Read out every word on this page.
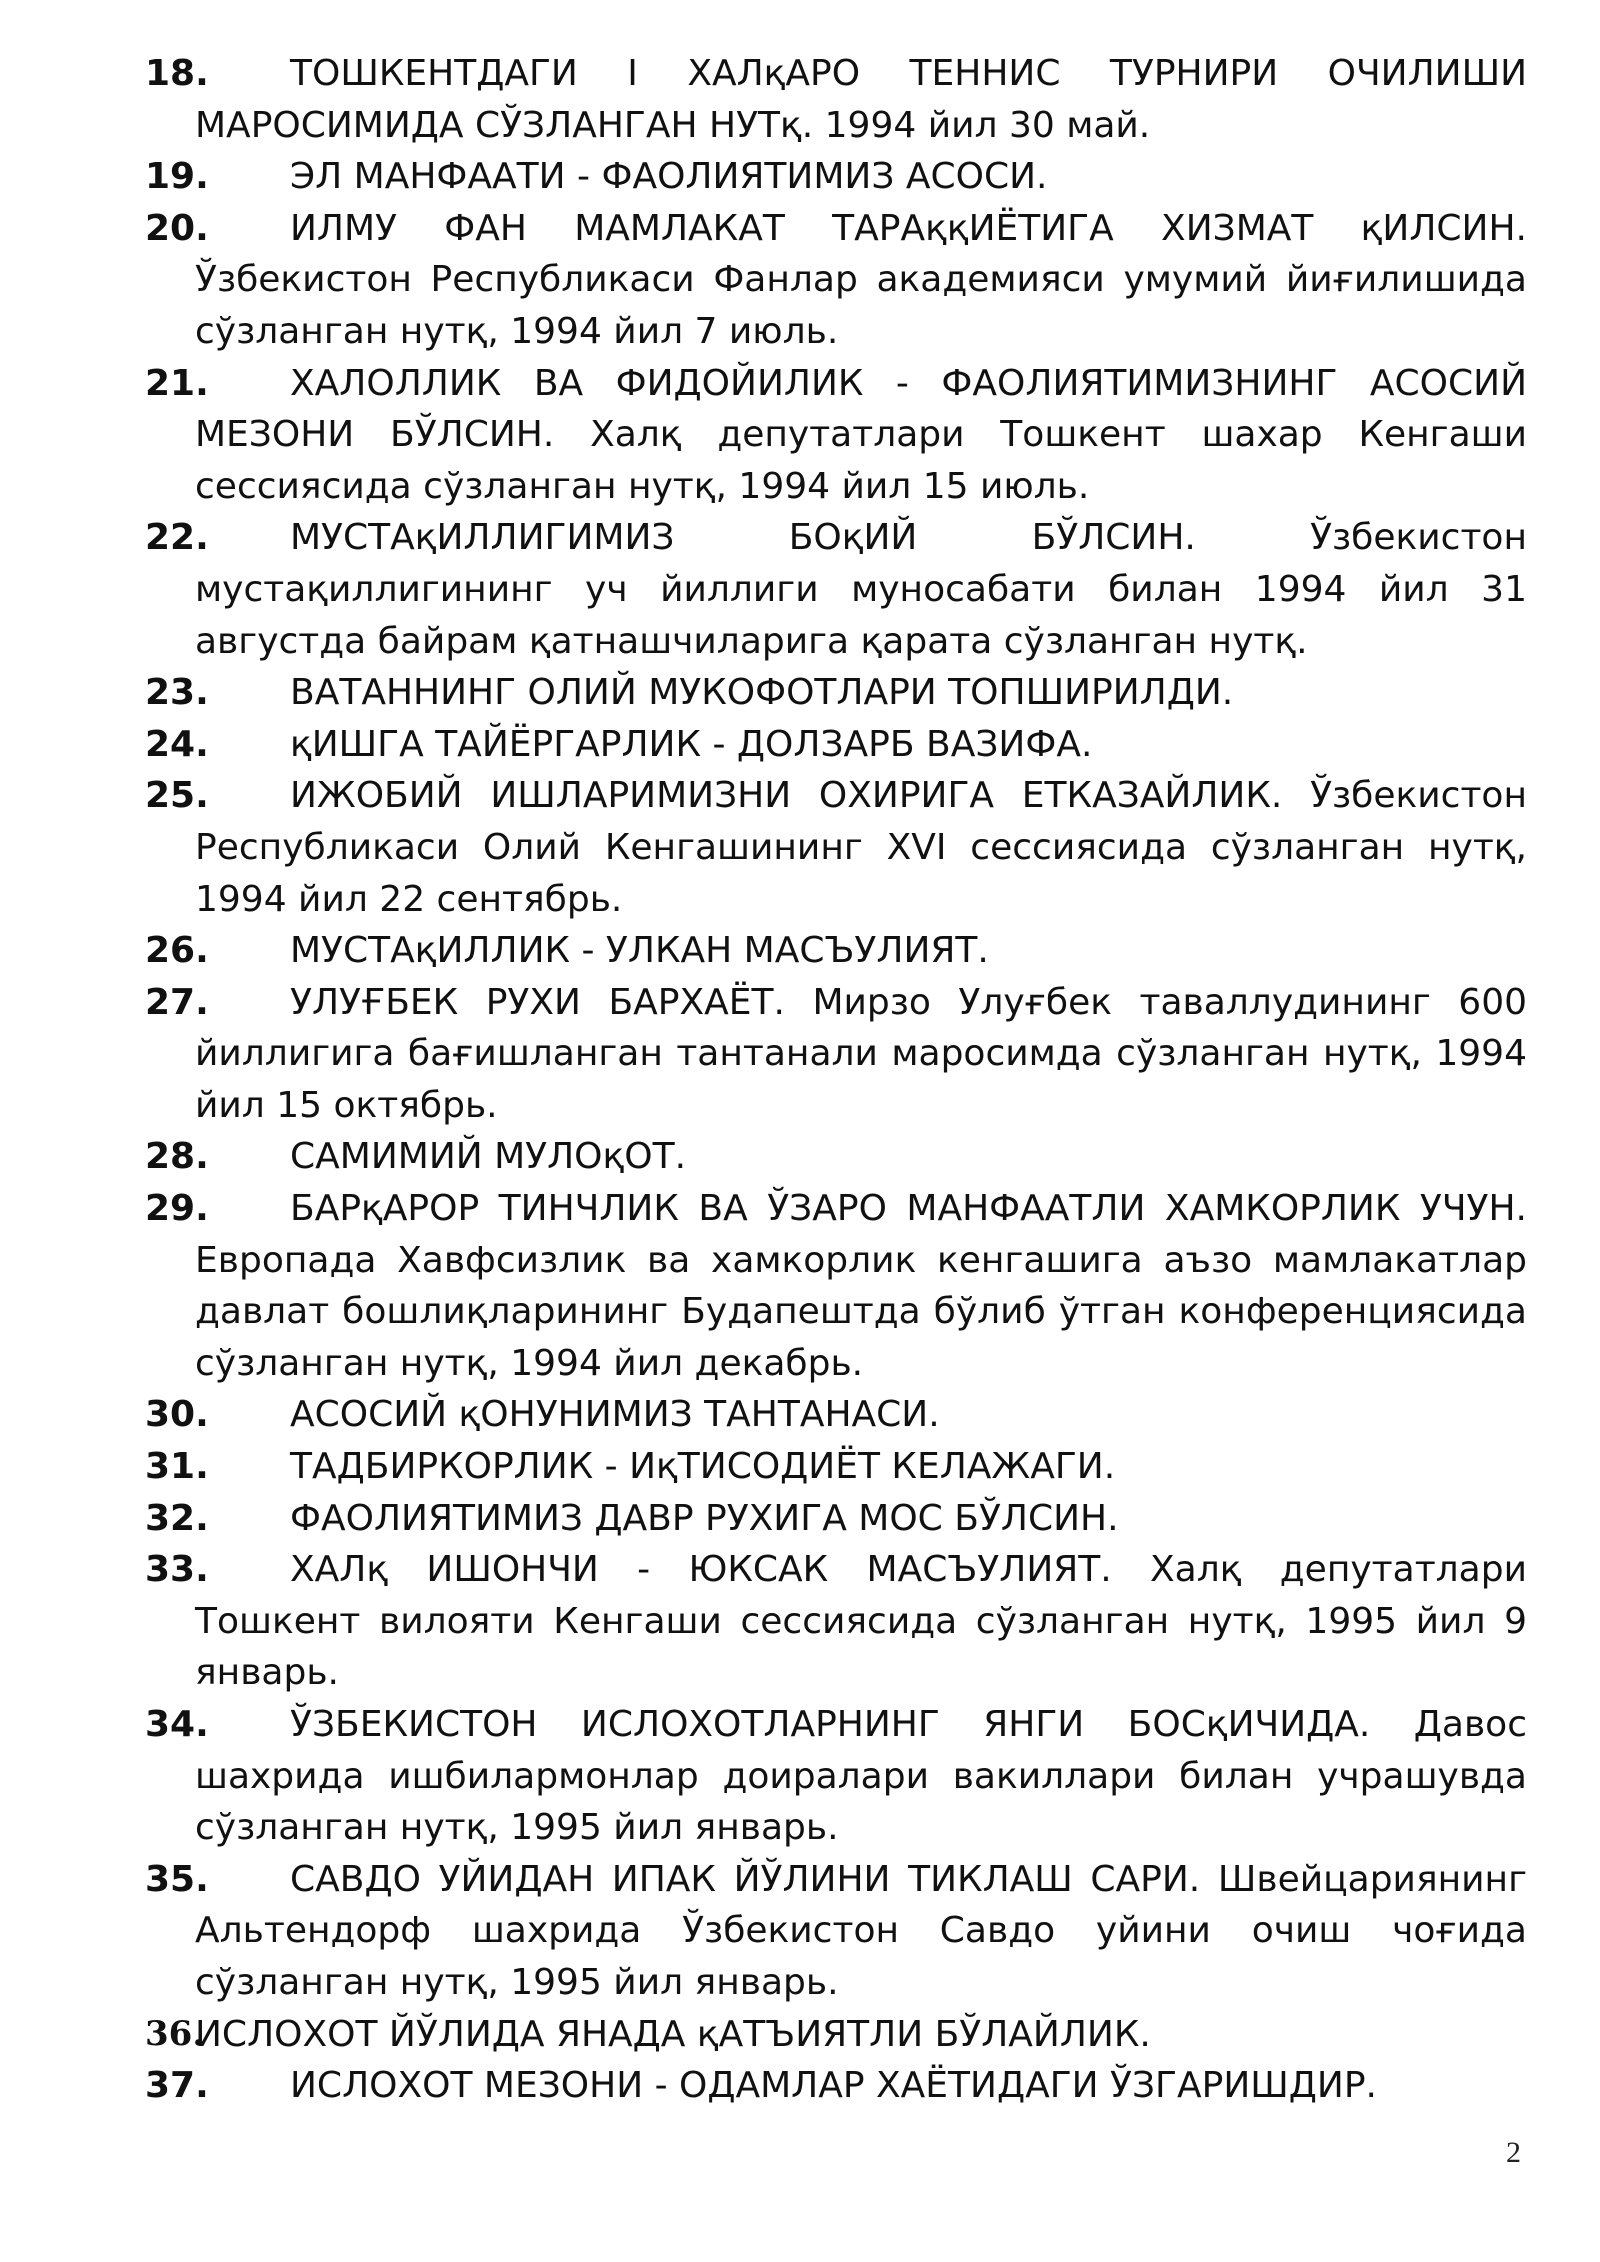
18. ТОШКЕНТДАГИ I ХАЛқАРО ТЕННИС ТУРНИРИ ОЧИЛИШИ МАРОСИМИДА СЎЗЛАНГАН НУТқ. 1994 йил 30 май.

19. ЭЛ МАНФААТИ - ФАОЛИЯТИМИЗ АСОСИ.

20. ИЛМУ ФАН МАМЛАКАТ ТАРАққИЁТИГА ХИЗМАТ қИЛСИН. Ўзбекистон Республикаси Фанлар академияси умумий йиғилишида сўзланган нутқ, 1994 йил 7 июль.

21. ХАЛОЛЛИК ВА ФИДОЙИЛИК - ФАОЛИЯТИМИЗНИНГ АСОСИЙ МЕЗОНИ БЎЛСИН. Халқ депутатлари Тошкент шахар Кенгаши сессиясида сўзланган нутқ, 1994 йил 15 июль.

22. МУСТАқИЛЛИГИМИЗ БОқИЙ БЎЛСИН. Ўзбекистон мустақиллигининг уч йиллиги муносабати билан 1994 йил 31 августда байрам қатнашчиларига қарата сўзланган нутқ.

23. ВАТАННИНГ ОЛИЙ МУКОФОТЛАРИ ТОПШИРИЛДИ.

24. қИШГА ТАЙЁРГАРЛИК - ДОЛЗАРБ ВАЗИФА.

25. ИЖОБИЙ ИШЛАРИМИЗНИ ОХИРИГА ЕТКАЗАЙЛИК. Ўзбекистон Республикаси Олий Кенгашининг XVI сессиясида сўзланган нутқ, 1994 йил 22 сентябрь.

26. МУСТАқИЛЛИК - УЛКАН МАСЪУЛИЯТ.

27. УЛУҒБЕК РУХИ БАРХАЁТ. Мирзо Улуғбек таваллудининг 600 йиллигига бағишланган тантанали маросимда сўзланган нутқ, 1994 йил 15 октябрь.

28. САМИМИЙ МУЛОқОТ.

29. БАРқАРОР ТИНЧЛИК ВА ЎЗАРО МАНФААТЛИ ХАМКОРЛИК УЧУН. Европада Хавфсизлик ва хамкорлик кенгашига аъзо мамлакатлар давлат бошлиқларининг Будапештда бўлиб ўтган конференциясида сўзланган нутқ, 1994 йил декабрь.

30. АСОСИЙ қОНУНИМИЗ ТАНТАНАСИ.

31. ТАДБИРКОРЛИК - ИқТИСОДИЁТ КЕЛАЖАГИ.

32. ФАОЛИЯТИМИЗ ДАВР РУХИГА МОС БЎЛСИН.

33. ХАЛқ ИШОНЧИ - ЮКСАК МАСЪУЛИЯТ. Халқ депутатлари Тошкент вилояти Кенгаши сессиясида сўзланган нутқ, 1995 йил 9 январь.

34. ЎЗБЕКИСТОН ИСЛОХОТЛАРНИНГ ЯНГИ БОСқИЧИДА. Давос шахрида ишбилармонлар доиралари вакиллари билан учрашувда сўзланган нутқ, 1995 йил январь.

35. САВДО УЙИДАН ИПАК ЙЎЛИНИ ТИКЛАШ САРИ. Швейцариянинг Альтендорф шахрида Ўзбекистон Савдо уйини очиш чоғида сўзланган нутқ, 1995 йил январь.

36.
ИСЛОХОТ ЙЎЛИДА ЯНАДА қАТЪИЯТЛИ БЎЛАЙЛИК.

37. ИСЛОХОТ МЕЗОНИ - ОДАМЛАР ХАЁТИДАГИ ЎЗГАРИШДИР.

2
